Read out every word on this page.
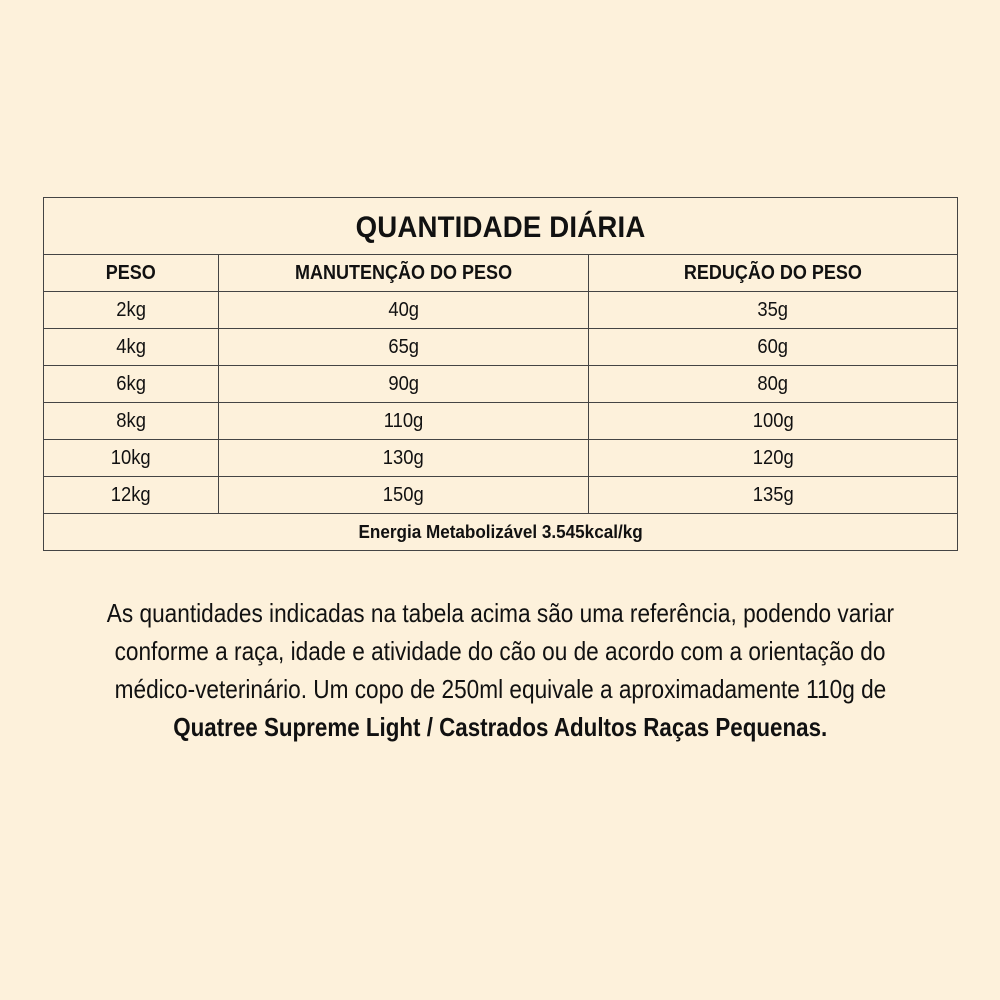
QUANTIDADE DIÁRIA		
PESO	MANUTENÇÃO DO PESO	REDUÇÃO DO PESO
2kg	40g	35g
4kg	65g	60g
6kg	90g	80g
8kg	110g	100g
10kg	130g	120g
12kg	150g	135g
Energia Metabolizável 3.545kcal/kg		
As quantidades indicadas na tabela acima são uma referência, podendo variar
conforme a raça, idade e atividade do cão ou de acordo com a orientação do
médico-veterinário. Um copo de 250ml equivale a aproximadamente 110g de
Quatree Supreme Light / Castrados Adultos Raças Pequenas.
